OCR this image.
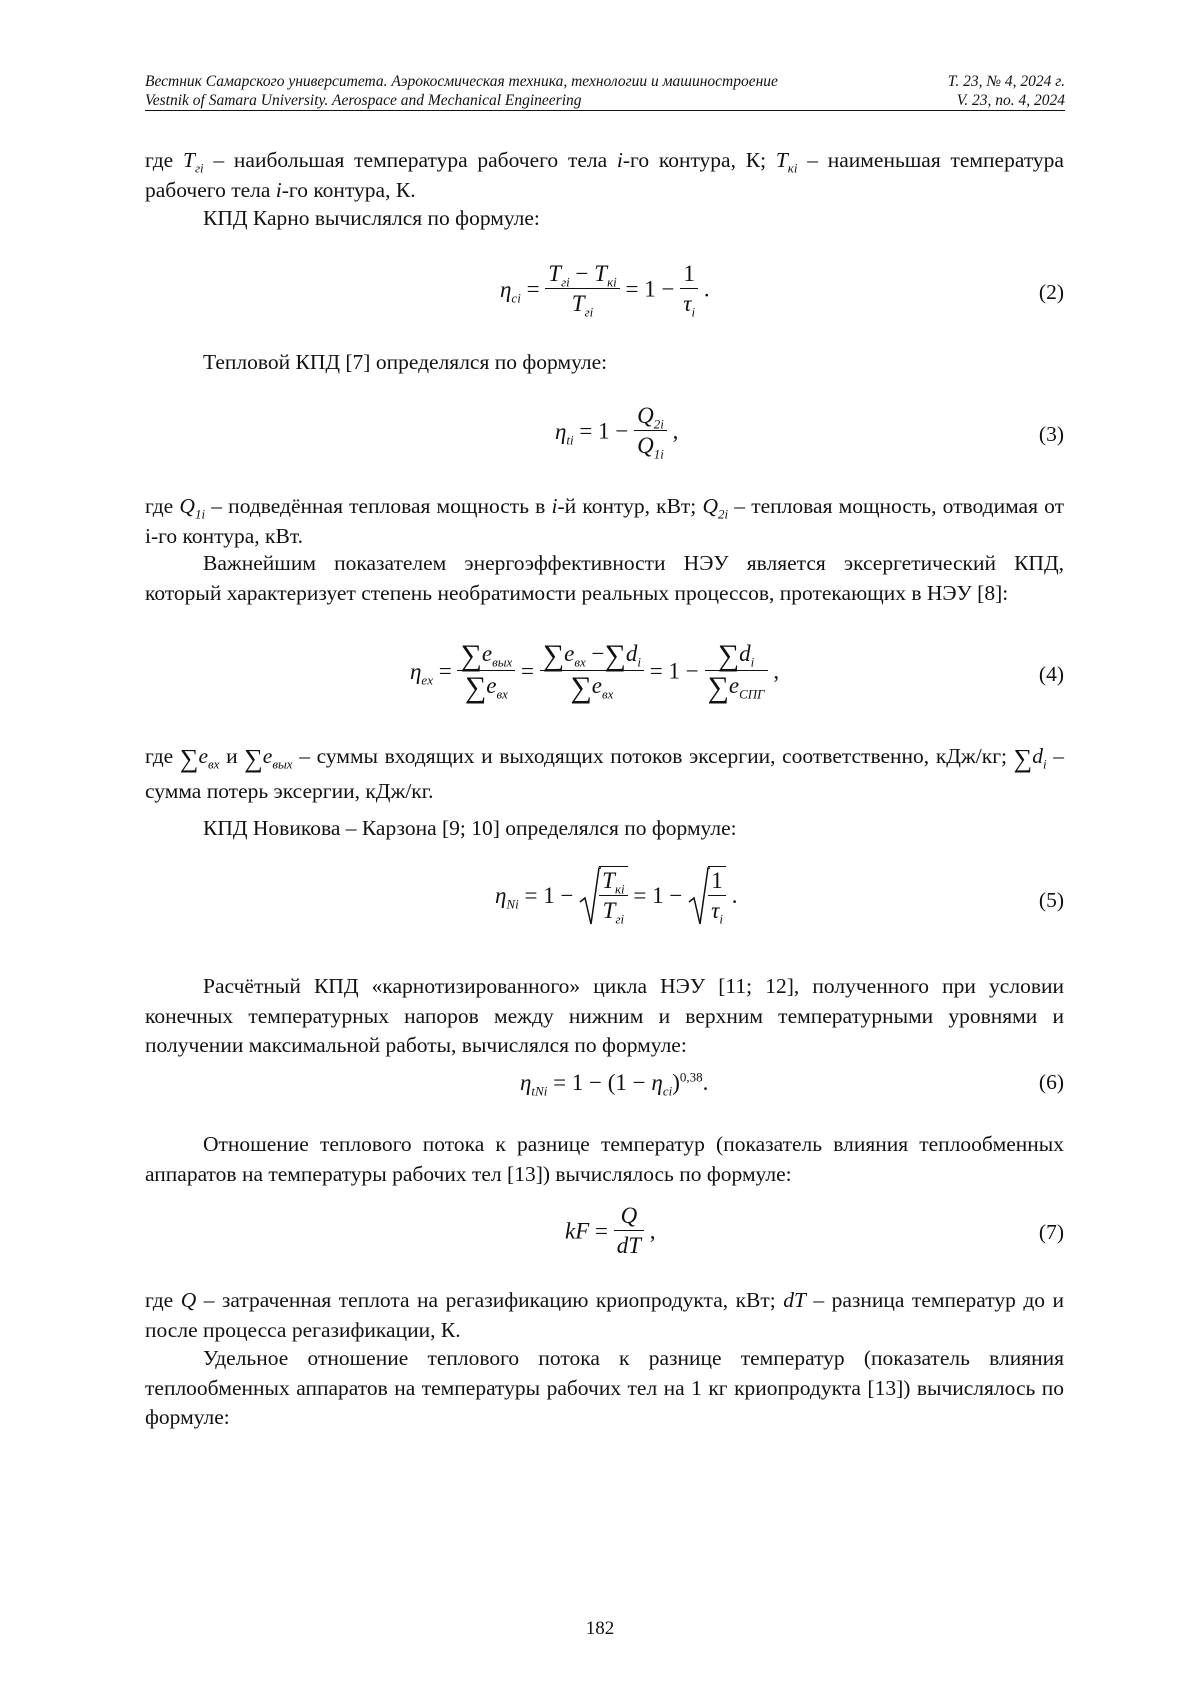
Вестник Самарского университета. Аэрокосмическая техника, технологии и машиностроение	Т. 23, № 4, 2024 г.
Vestnik of Samara University. Aerospace and Mechanical Engineering	V. 23, no. 4, 2024
где $T_{гi}$ – наибольшая температура рабочего тела i-го контура, К; $T_{кi}$ – наименьшая температура рабочего тела i-го контура, К.
КПД Карно вычислялся по формуле:
$\eta_{ci} = \frac{T_{гi} - T_{кi}}{T_{гi}} = 1 - \frac{1}{\tau_i}$ .	(2)
Тепловой КПД [7] определялся по формуле:
$\eta_{ti} = 1 - \frac{Q_{2i}}{Q_{1i}}$ ,	(3)
где $Q_{1i}$ – подведённая тепловая мощность в i-й контур, кВт; $Q_{2i}$ – тепловая мощность, отводимая от i-го контура, кВт.
Важнейшим показателем энергоэффективности НЭУ является эксергетический КПД, который характеризует степень необратимости реальных процессов, протекающих в НЭУ [8]:
$\eta_{ex} = \frac{\sum e_{вых}}{\sum e_{вх}} = \frac{\sum e_{вх} -\sum d_i}{\sum e_{вх}} = 1 - \frac{\sum d_i}{\sum e_{СПГ}}$ ,	(4)
где $\sum e_{вх}$ и $\sum e_{вых}$ – суммы входящих и выходящих потоков эксергии, соответственно, кДж/кг; $\sum d_i$ – сумма потерь эксергии, кДж/кг.
КПД Новикова – Карзона [9; 10] определялся по формуле:
$\eta_{Ni} = 1 - \frac{T_{кi}}{T_{гi}} = 1 - \frac{1}{\tau_i}$ .	(5)
Расчётный КПД «карнотизированного» цикла НЭУ [11; 12], полученного при условии конечных температурных напоров между нижним и верхним температурными уровнями и получении максимальной работы, вычислялся по формуле:
$\eta_{tNi} = 1 - (1 - \eta_{ci})^{0,38}$.	(6)
Отношение теплового потока к разнице температур (показатель влияния теплообменных аппаратов на температуры рабочих тел [13]) вычислялось по формуле:
kF = $\frac{Q}{dT}$ ,	(7)
где Q – затраченная теплота на регазификацию криопродукта, кВт; dT – разница температур до и после процесса регазификации, К.
Удельное отношение теплового потока к разнице температур (показатель влияния теплообменных аппаратов на температуры рабочих тел на 1 кг криопродукта [13]) вычислялось по формуле:
182
